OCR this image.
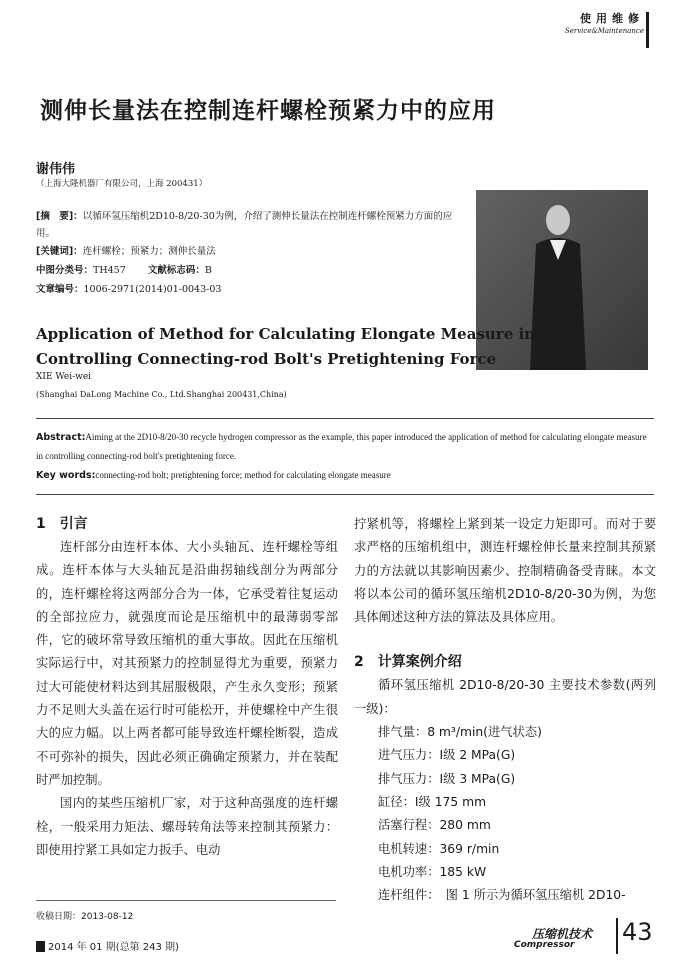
使用维修
Service&Maintenance
测伸长量法在控制连杆螺栓预紧力中的应用
谢伟伟
（上海大隆机器厂有限公司，上海 200431）
[摘　要]：以循环氢压缩机2D10-8/20-30为例，介绍了测伸长量法在控制连杆螺栓预紧力方面的应用。
[关键词]：连杆螺栓；预紧力；测伸长量法
中图分类号：TH457 文献标志码：B
文章编号：1006-2971(2014)01-0043-03
Application of Method for Calculating Elongate Measure in
Controlling Connecting-rod Bolt's Pretightening Force
XIE Wei-wei
(Shanghai DaLong Machine Co., Ltd.Shanghai 200431,China)
Abstract:Aiming at the 2D10-8/20-30 recycle hydrogen compressor as the example, this paper introduced the application of method for calculating elongate measure in controlling connecting-rod bolt's pretightening force.
Key words:connecting-rod bolt; pretightening force; method for calculating elongate measure
1　引言

连杆部分由连杆本体、大小头轴瓦、连杆螺栓等组成。连杆本体与大头轴瓦是沿曲拐轴线剖分为两部分的，连杆螺栓将这两部分合为一体，它承受着往复运动的全部拉应力，就强度而论是压缩机中的最薄弱零部件，它的破坏常导致压缩机的重大事故。因此在压缩机实际运行中，对其预紧力的控制显得尤为重要，预紧力过大可能使材料达到其屈服极限，产生永久变形；预紧力不足则大头盖在运行时可能松开，并使螺栓中产生很大的应力幅。以上两者都可能导致连杆螺栓断裂，造成不可弥补的损失，因此必须正确确定预紧力，并在装配时严加控制。

国内的某些压缩机厂家，对于这种高强度的连杆螺栓，一般采用力矩法、螺母转角法等来控制其预紧力：即使用拧紧工具如定力扳手、电动

拧紧机等，将螺栓上紧到某一设定力矩即可。而对于要求严格的压缩机组中，测连杆螺栓伸长量来控制其预紧力的方法就以其影响因素少、控制精确备受青睐。本文将以本公司的循环氢压缩机2D10-8/20-30为例，为您具体阐述这种方法的算法及具体应用。

2　计算案例介绍

循环氢压缩机 2D10-8/20-30 主要技术参数(两列一级)：

排气量：8 m³/min(进气状态)
进气压力：Ⅰ级 2 MPa(G)
排气压力：Ⅰ级 3 MPa(G)
缸径：Ⅰ级 175 mm
活塞行程：280 mm
电机转速：369 r/min
电机功率：185 kW
连杆组件：　图 1 所示为循环氢压缩机 2D10-
收稿日期：2013-08-12
2014 年 01 期(总第 243 期)
压缩机技术
Compressor 43
